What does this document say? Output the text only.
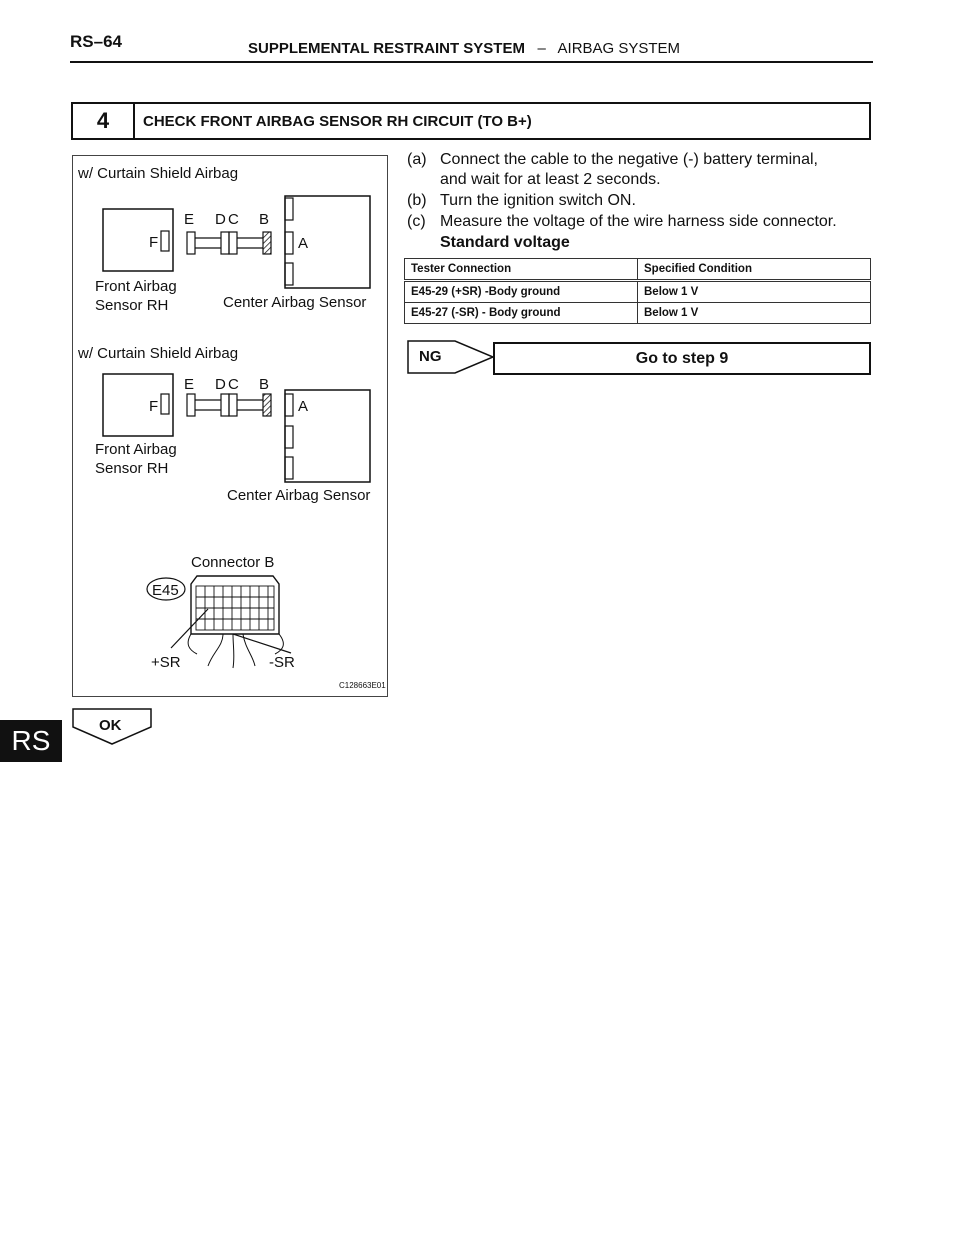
RS–64	SUPPLEMENTAL RESTRAINT SYSTEM – AIRBAG SYSTEM
4	CHECK FRONT AIRBAG SENSOR RH CIRCUIT (TO B+)
w/ Curtain Shield Airbag
F
E D C B
A
Front Airbag
Sensor RH	Center Airbag Sensor
w/ Curtain Shield Airbag
F
E D C B
A
Front Airbag
Sensor RH
Center Airbag Sensor
Connector B
E45
+SR	-SR
C128663E01
(a) Connect the cable to the negative (-) battery terminal,
and wait for at least 2 seconds.
(b) Turn the ignition switch ON.
(c) Measure the voltage of the wire harness side connector.
Standard voltage
Tester Connection	Specified Condition
E45-29 (+SR) -Body ground	Below 1 V
E45-27 (-SR) - Body ground	Below 1 V
NG	Go to step 9
OK
RS
